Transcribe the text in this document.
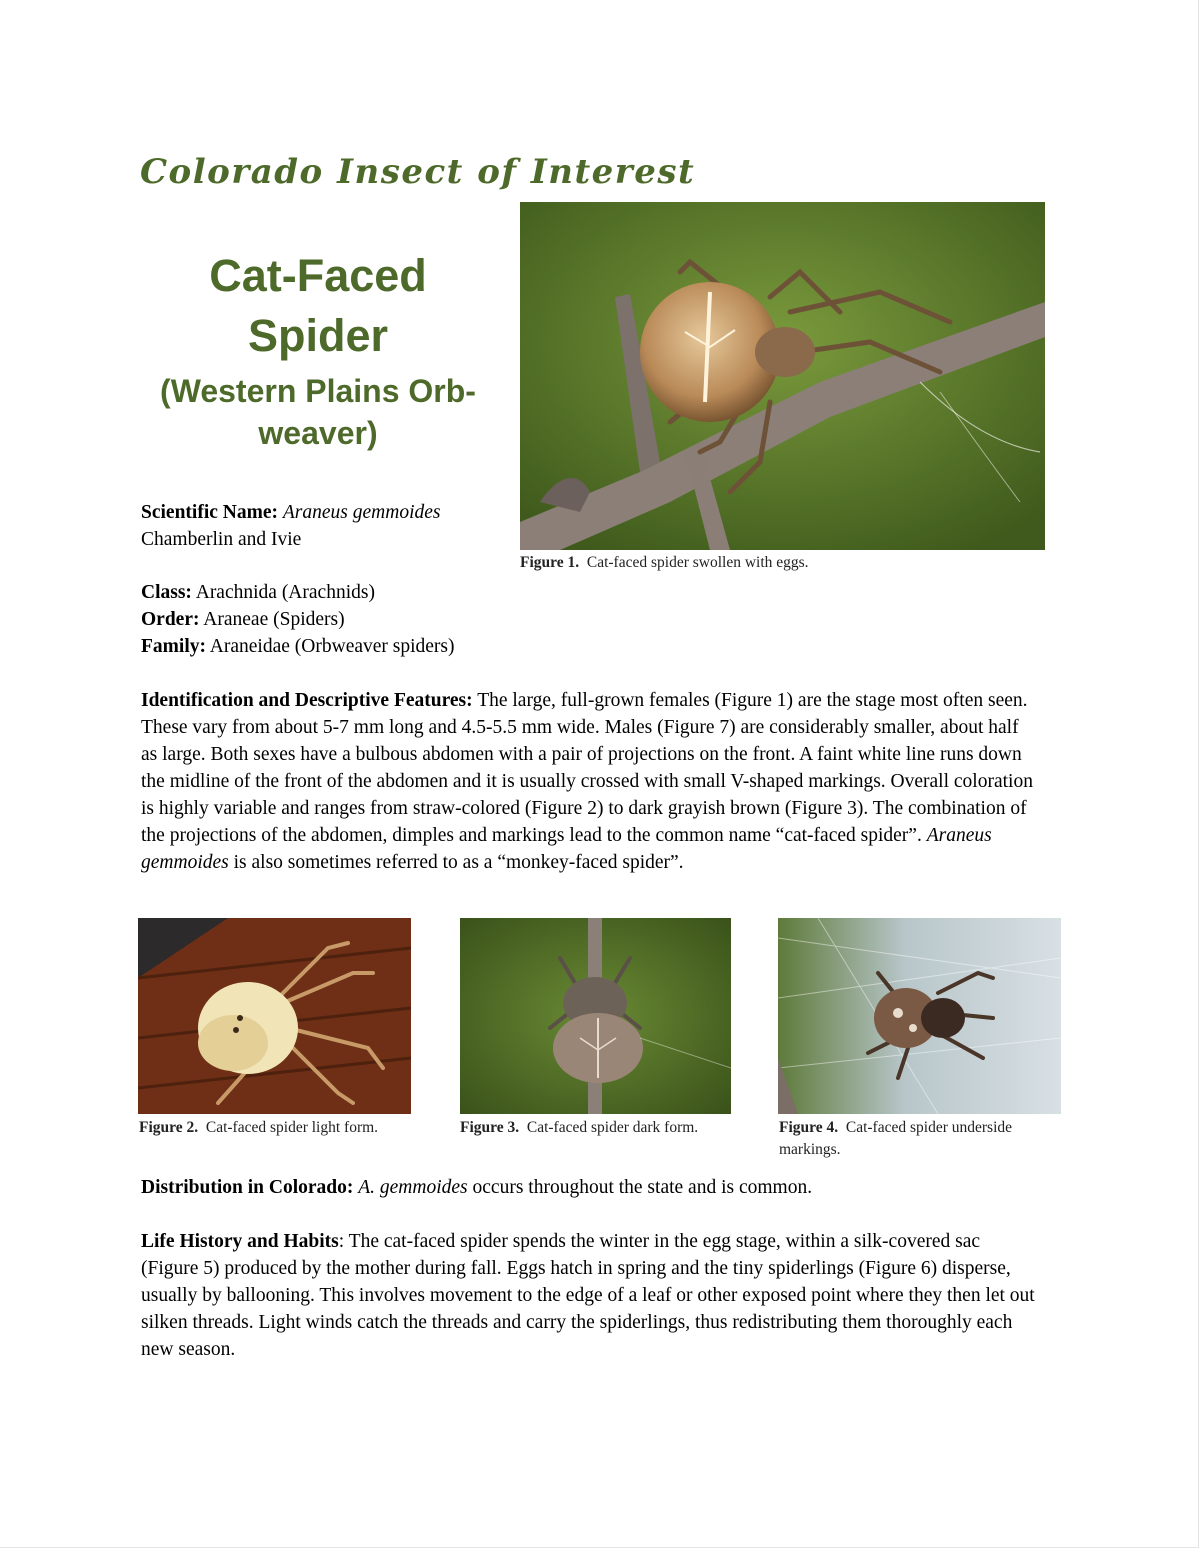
Colorado Insect of Interest
Cat-Faced Spider
(Western Plains Orb-weaver)
Figure 1. Cat-faced spider swollen with eggs.
Scientific Name: Araneus gemmoides
Chamberlin and Ivie
Class: Arachnida (Arachnids)
Order: Araneae (Spiders)
Family: Araneidae (Orbweaver spiders)
Identification and Descriptive Features: The large, full-grown females (Figure 1) are the stage most often seen. These vary from about 5-7 mm long and 4.5-5.5 mm wide. Males (Figure 7) are considerably smaller, about half as large. Both sexes have a bulbous abdomen with a pair of projections on the front. A faint white line runs down the midline of the front of the abdomen and it is usually crossed with small V-shaped markings. Overall coloration is highly variable and ranges from straw-colored (Figure 2) to dark grayish brown (Figure 3). The combination of the projections of the abdomen, dimples and markings lead to the common name “cat-faced spider”. Araneus gemmoides is also sometimes referred to as a “monkey-faced spider”.
Figure 2. Cat-faced spider light form.	Figure 3. Cat-faced spider dark form.	Figure 4. Cat-faced spider underside markings.
Distribution in Colorado: A. gemmoides occurs throughout the state and is common.
Life History and Habits: The cat-faced spider spends the winter in the egg stage, within a silk-covered sac (Figure 5) produced by the mother during fall. Eggs hatch in spring and the tiny spiderlings (Figure 6) disperse, usually by ballooning. This involves movement to the edge of a leaf or other exposed point where they then let out silken threads. Light winds catch the threads and carry the spiderlings, thus redistributing them thoroughly each new season.
